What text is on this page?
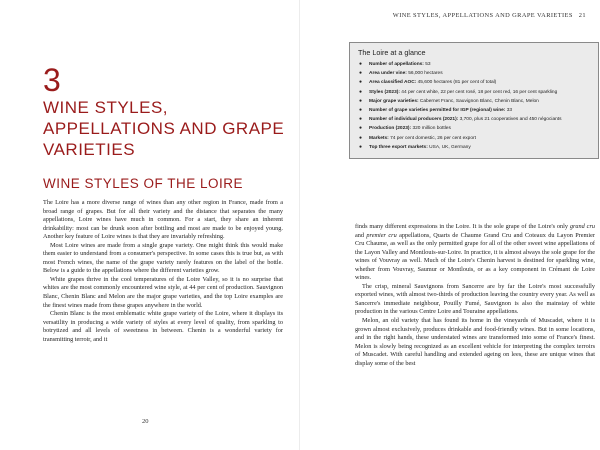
3
WINE STYLES, APPELLATIONS AND GRAPE VARIETIES
WINE STYLES OF THE LOIRE

The Loire has a more diverse range of wines than any other region in France, made from a broad range of grapes. But for all their variety and the distance that separates the many appellations, Loire wines have much in common. For a start, they share an inherent drinkability: most can be drunk soon after bottling and most are made to be enjoyed young. Another key feature of Loire wines is that they are invariably refreshing.

Most Loire wines are made from a single grape variety. One might think this would make them easier to understand from a consumer's perspective. In some cases this is true but, as with most French wines, the name of the grape variety rarely features on the label of the bottle. Below is a guide to the appellations where the different varieties grow.

White grapes thrive in the cool temperatures of the Loire Valley, so it is no surprise that whites are the most commonly encountered wine style, at 44 per cent of production. Sauvignon Blanc, Chenin Blanc and Melon are the major grape varieties, and the top Loire examples are the finest wines made from these grapes anywhere in the world.

Chenin Blanc is the most emblematic white grape variety of the Loire, where it displays its versatility in producing a wide variety of styles at every level of quality, from sparkling to botrytized and all levels of sweetness in between. Chenin is a wonderful variety for transmitting terroir, and it

20
WINE STYLES, APPELLATIONS AND GRAPE VARIETIES 21
The Loire at a glance
● Number of appellations: 53
● Area under vine: 56,000 hectares
● Area classified AOC: 45,600 hectares (81 per cent of total)
● Styles (2023): 44 per cent white, 22 per cent rosé, 18 per cent red, 16 per cent sparkling
● Major grape varieties: Cabernet Franc, Sauvignon Blanc, Chenin Blanc, Melon
● Number of grape varieties permitted for IGP (regional) wine: 33
● Number of individual producers (2021): 3,700, plus 21 cooperatives and 450 négociants
● Production (2023): 320 million bottles
● Markets: 74 per cent domestic, 26 per cent export
● Top three export markets: USA, UK, Germany

finds many different expressions in the Loire. It is the sole grape of the Loire's only grand cru and premier cru appellations, Quarts de Chaume Grand Cru and Coteaux du Layon Premier Cru Chaume, as well as the only permitted grape for all of the other sweet wine appellations of the Layon Valley and Montlouis-sur-Loire. In practice, it is almost always the sole grape for the wines of Vouvray as well. Much of the Loire's Chenin harvest is destined for sparkling wine, whether from Vouvray, Saumur or Montlouis, or as a key component in Crémant de Loire wines.

The crisp, mineral Sauvignons from Sancerre are by far the Loire's most successfully exported wines, with almost two-thirds of production leaving the country every year. As well as Sancerre's immediate neighbour, Pouilly Fumé, Sauvignon is also the mainstay of white production in the various Centre Loire and Touraine appellations.

Melon, an old variety that has found its home in the vineyards of Muscadet, where it is grown almost exclusively, produces drinkable and food-friendly wines. But in some locations, and in the right hands, these understated wines are transformed into some of France's finest. Melon is slowly being recognized as an excellent vehicle for interpreting the complex terroirs of Muscadet. With careful handling and extended ageing on lees, these are unique wines that display some of the best
